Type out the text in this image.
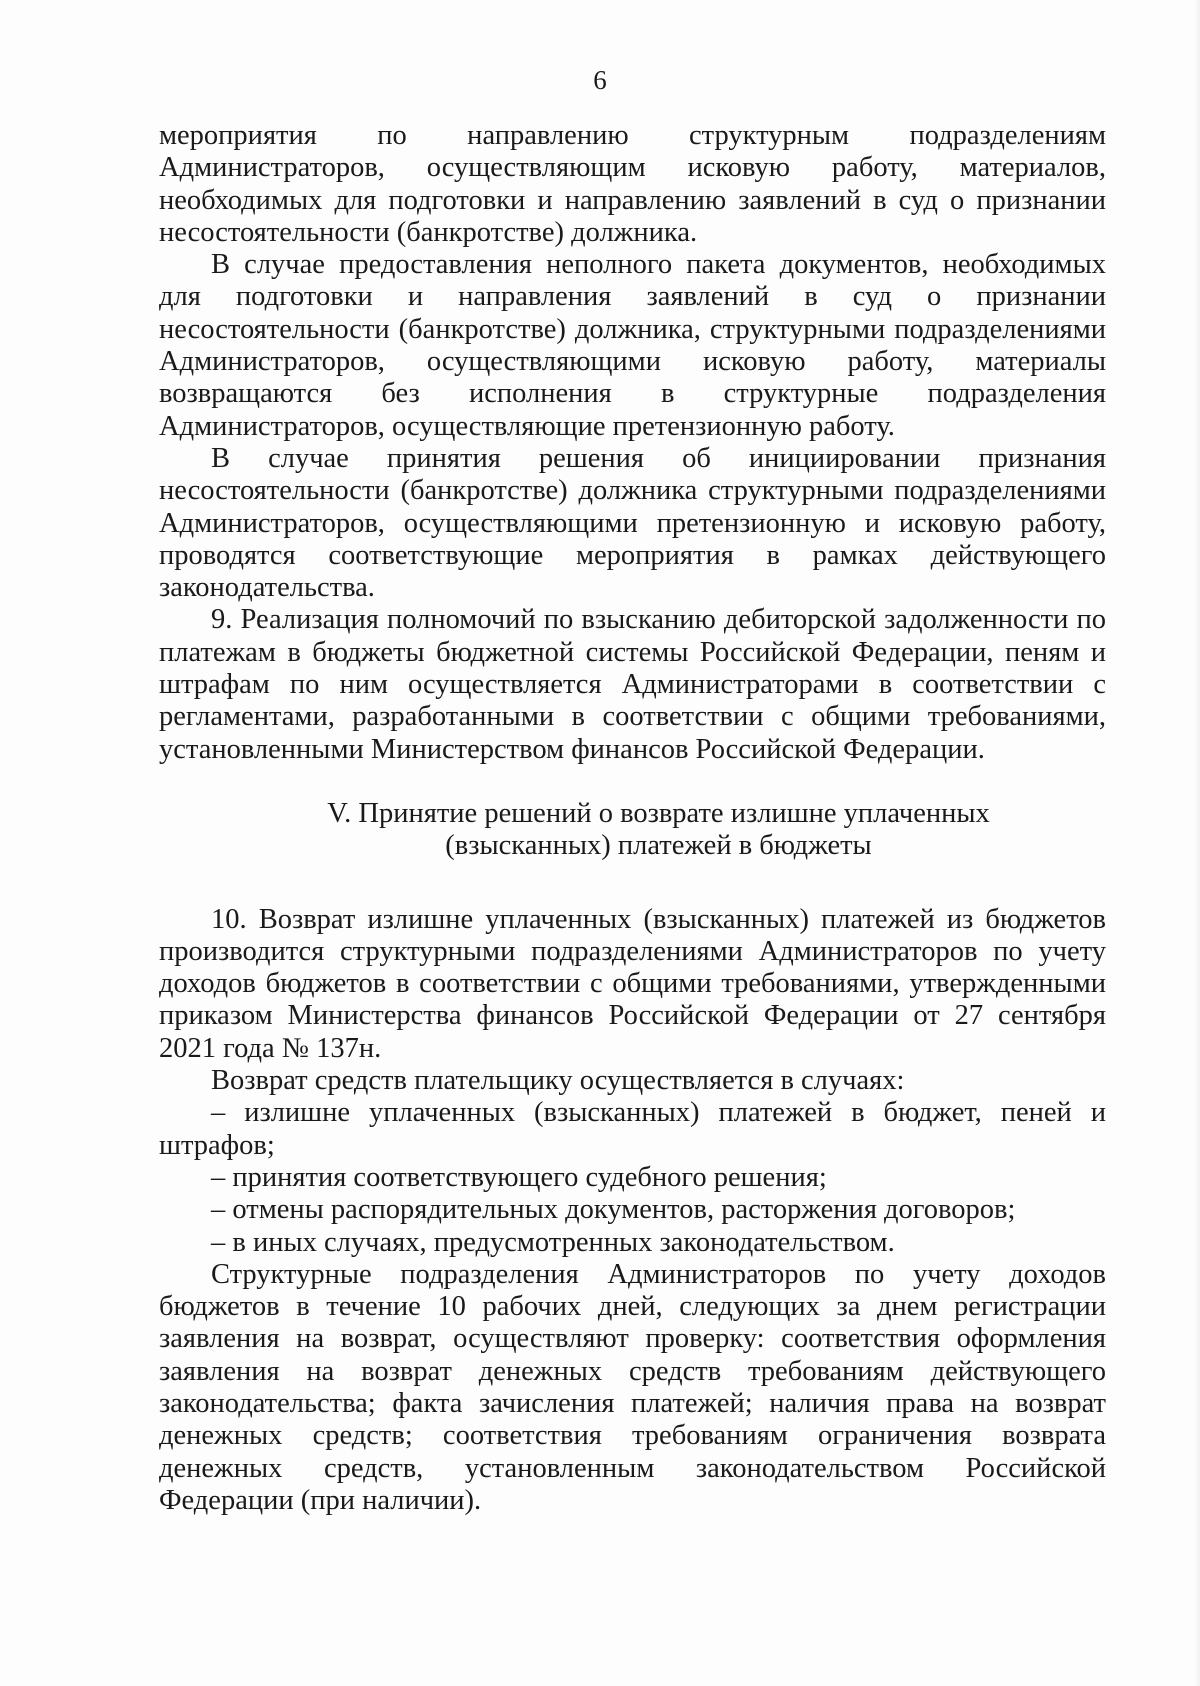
6

мероприятия по направлению структурным подразделениям Администраторов, осуществляющим исковую работу, материалов, необходимых для подготовки и направлению заявлений в суд о признании несостоятельности (банкротстве) должника.

В случае предоставления неполного пакета документов, необходимых для подготовки и направления заявлений в суд о признании несостоятельности (банкротстве) должника, структурными подразделениями Администраторов, осуществляющими исковую работу, материалы возвращаются без исполнения в структурные подразделения Администраторов, осуществляющие претензионную работу.

В случае принятия решения об инициировании признания несостоятельности (банкротстве) должника структурными подразделениями Администраторов, осуществляющими претензионную и исковую работу, проводятся соответствующие мероприятия в рамках действующего законодательства.

9. Реализация полномочий по взысканию дебиторской задолженности по платежам в бюджеты бюджетной системы Российской Федерации, пеням и штрафам по ним осуществляется Администраторами в соответствии с регламентами, разработанными в соответствии с общими требованиями, установленными Министерством финансов Российской Федерации.

V. Принятие решений о возврате излишне уплаченных
(взысканных) платежей в бюджеты

10. Возврат излишне уплаченных (взысканных) платежей из бюджетов производится структурными подразделениями Администраторов по учету доходов бюджетов в соответствии с общими требованиями, утвержденными приказом Министерства финансов Российской Федерации от 27 сентября 2021 года № 137н.

Возврат средств плательщику осуществляется в случаях:

– излишне уплаченных (взысканных) платежей в бюджет, пеней и штрафов;

– принятия соответствующего судебного решения;

– отмены распорядительных документов, расторжения договоров;

– в иных случаях, предусмотренных законодательством.

Структурные подразделения Администраторов по учету доходов бюджетов в течение 10 рабочих дней, следующих за днем регистрации заявления на возврат, осуществляют проверку: соответствия оформления заявления на возврат денежных средств требованиям действующего законодательства; факта зачисления платежей; наличия права на возврат денежных средств; соответствия требованиям ограничения возврата денежных средств, установленным законодательством Российской Федерации (при наличии).
